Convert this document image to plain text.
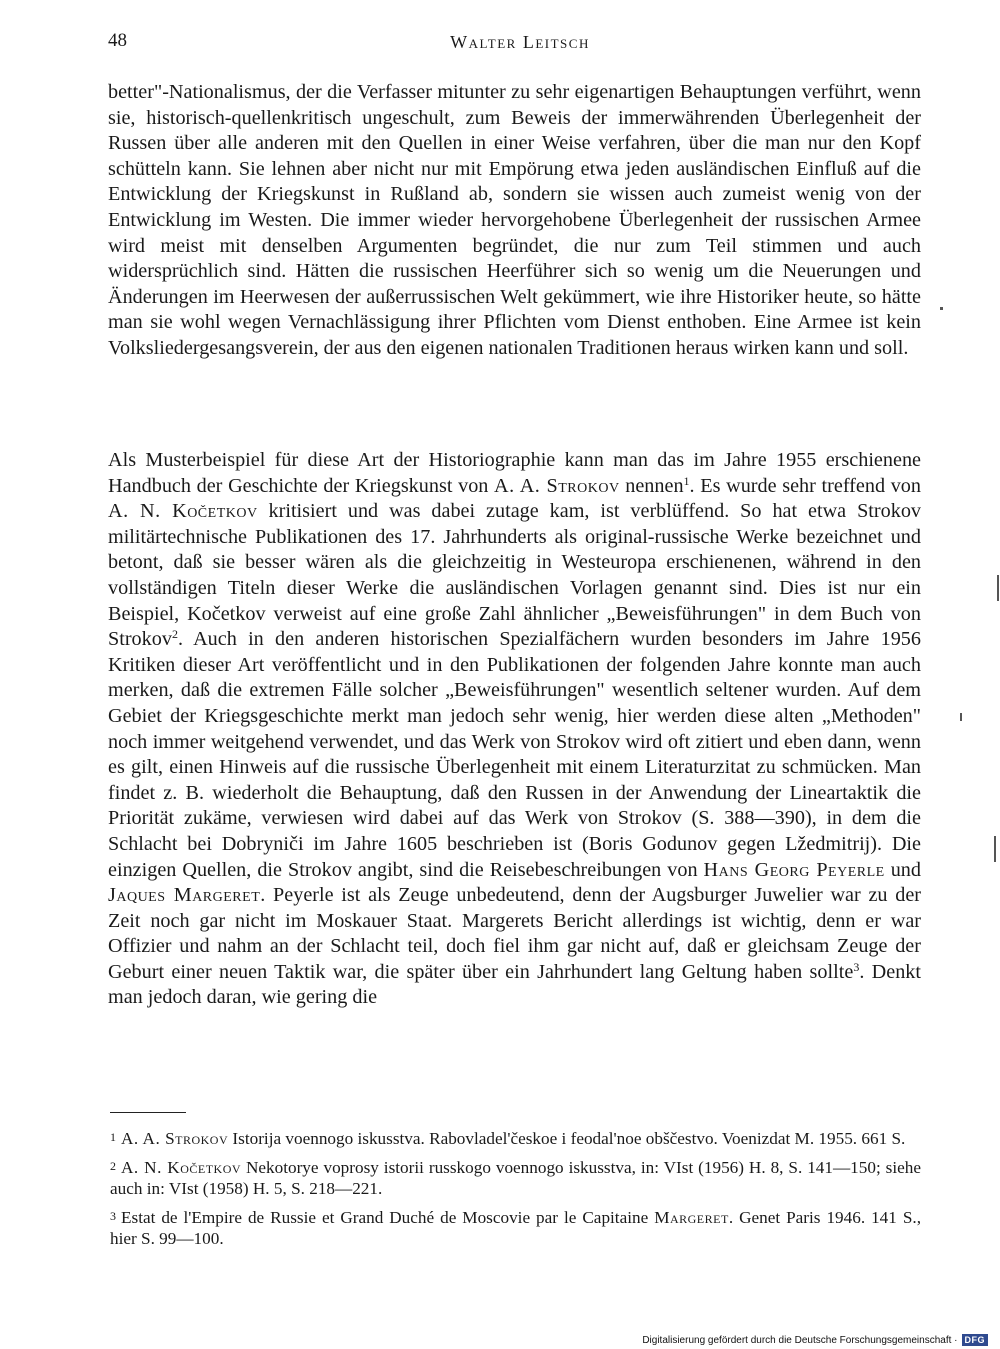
48	Walter Leitsch

better"-Nationalismus, der die Verfasser mitunter zu sehr eigenartigen Behauptungen verführt, wenn sie, historisch-quellenkritisch ungeschult, zum Beweis der immerwährenden Überlegenheit der Russen über alle anderen mit den Quellen in einer Weise verfahren, über die man nur den Kopf schütteln kann. Sie lehnen aber nicht nur mit Empörung etwa jeden ausländischen Einfluß auf die Entwicklung der Kriegskunst in Rußland ab, sondern sie wissen auch zumeist wenig von der Entwicklung im Westen. Die immer wieder hervorgehobene Überlegenheit der russischen Armee wird meist mit denselben Argumenten begründet, die nur zum Teil stimmen und auch widersprüchlich sind. Hätten die russischen Heerführer sich so wenig um die Neuerungen und Änderungen im Heerwesen der außerrussischen Welt gekümmert, wie ihre Historiker heute, so hätte man sie wohl wegen Vernachlässigung ihrer Pflichten vom Dienst enthoben. Eine Armee ist kein Volksliedergesangsverein, der aus den eigenen nationalen Traditionen heraus wirken kann und soll.

Als Musterbeispiel für diese Art der Historiographie kann man das im Jahre 1955 erschienene Handbuch der Geschichte der Kriegskunst von A. A. Strokov nennen$^1$. Es wurde sehr treffend von A. N. Kočetkov kritisiert und was dabei zutage kam, ist verblüffend. So hat etwa Strokov militärtechnische Publikationen des 17. Jahrhunderts als original-russische Werke bezeichnet und betont, daß sie besser wären als die gleichzeitig in Westeuropa erschienenen, während in den vollständigen Titeln dieser Werke die ausländischen Vorlagen genannt sind. Dies ist nur ein Beispiel, Kočetkov verweist auf eine große Zahl ähnlicher „Beweisführungen" in dem Buch von Strokov$^2$. Auch in den anderen historischen Spezialfächern wurden besonders im Jahre 1956 Kritiken dieser Art veröffentlicht und in den Publikationen der folgenden Jahre konnte man auch merken, daß die extremen Fälle solcher „Beweisführungen" wesentlich seltener wurden. Auf dem Gebiet der Kriegsgeschichte merkt man jedoch sehr wenig, hier werden diese alten „Methoden" noch immer weitgehend verwendet, und das Werk von Strokov wird oft zitiert und eben dann, wenn es gilt, einen Hinweis auf die russische Überlegenheit mit einem Literaturzitat zu schmücken. Man findet z. B. wiederholt die Behauptung, daß den Russen in der Anwendung der Lineartaktik die Priorität zukäme, verwiesen wird dabei auf das Werk von Strokov (S. 388—390), in dem die Schlacht bei Dobryniči im Jahre 1605 beschrieben ist (Boris Godunov gegen Lžedmitrij). Die einzigen Quellen, die Strokov angibt, sind die Reisebeschreibungen von Hans Georg Peyerle und Jaques Margeret. Peyerle ist als Zeuge unbedeutend, denn der Augsburger Juwelier war zu der Zeit noch gar nicht im Moskauer Staat. Margerets Bericht allerdings ist wichtig, denn er war Offizier und nahm an der Schlacht teil, doch fiel ihm gar nicht auf, daß er gleichsam Zeuge der Geburt einer neuen Taktik war, die später über ein Jahrhundert lang Geltung haben sollte$^3$. Denkt man jedoch daran, wie gering die

1 A. A. Strokov Istorija voennogo iskusstva. Rabovladel'českoe i feodal'noe obščestvo. Voenizdat M. 1955. 661 S.

2 A. N. Kočetkov Nekotorye voprosy istorii russkogo voennogo iskusstva, in: VIst (1956) H. 8, S. 141—150; siehe auch in: VIst (1958) H. 5, S. 218—221.

3 Estat de l'Empire de Russie et Grand Duché de Moscovie par le Capitaine Margeret. Genet Paris 1946. 141 S., hier S. 99—100.

Digitalisierung gefördert durch die Deutsche Forschungsgemeinschaft · DFG
